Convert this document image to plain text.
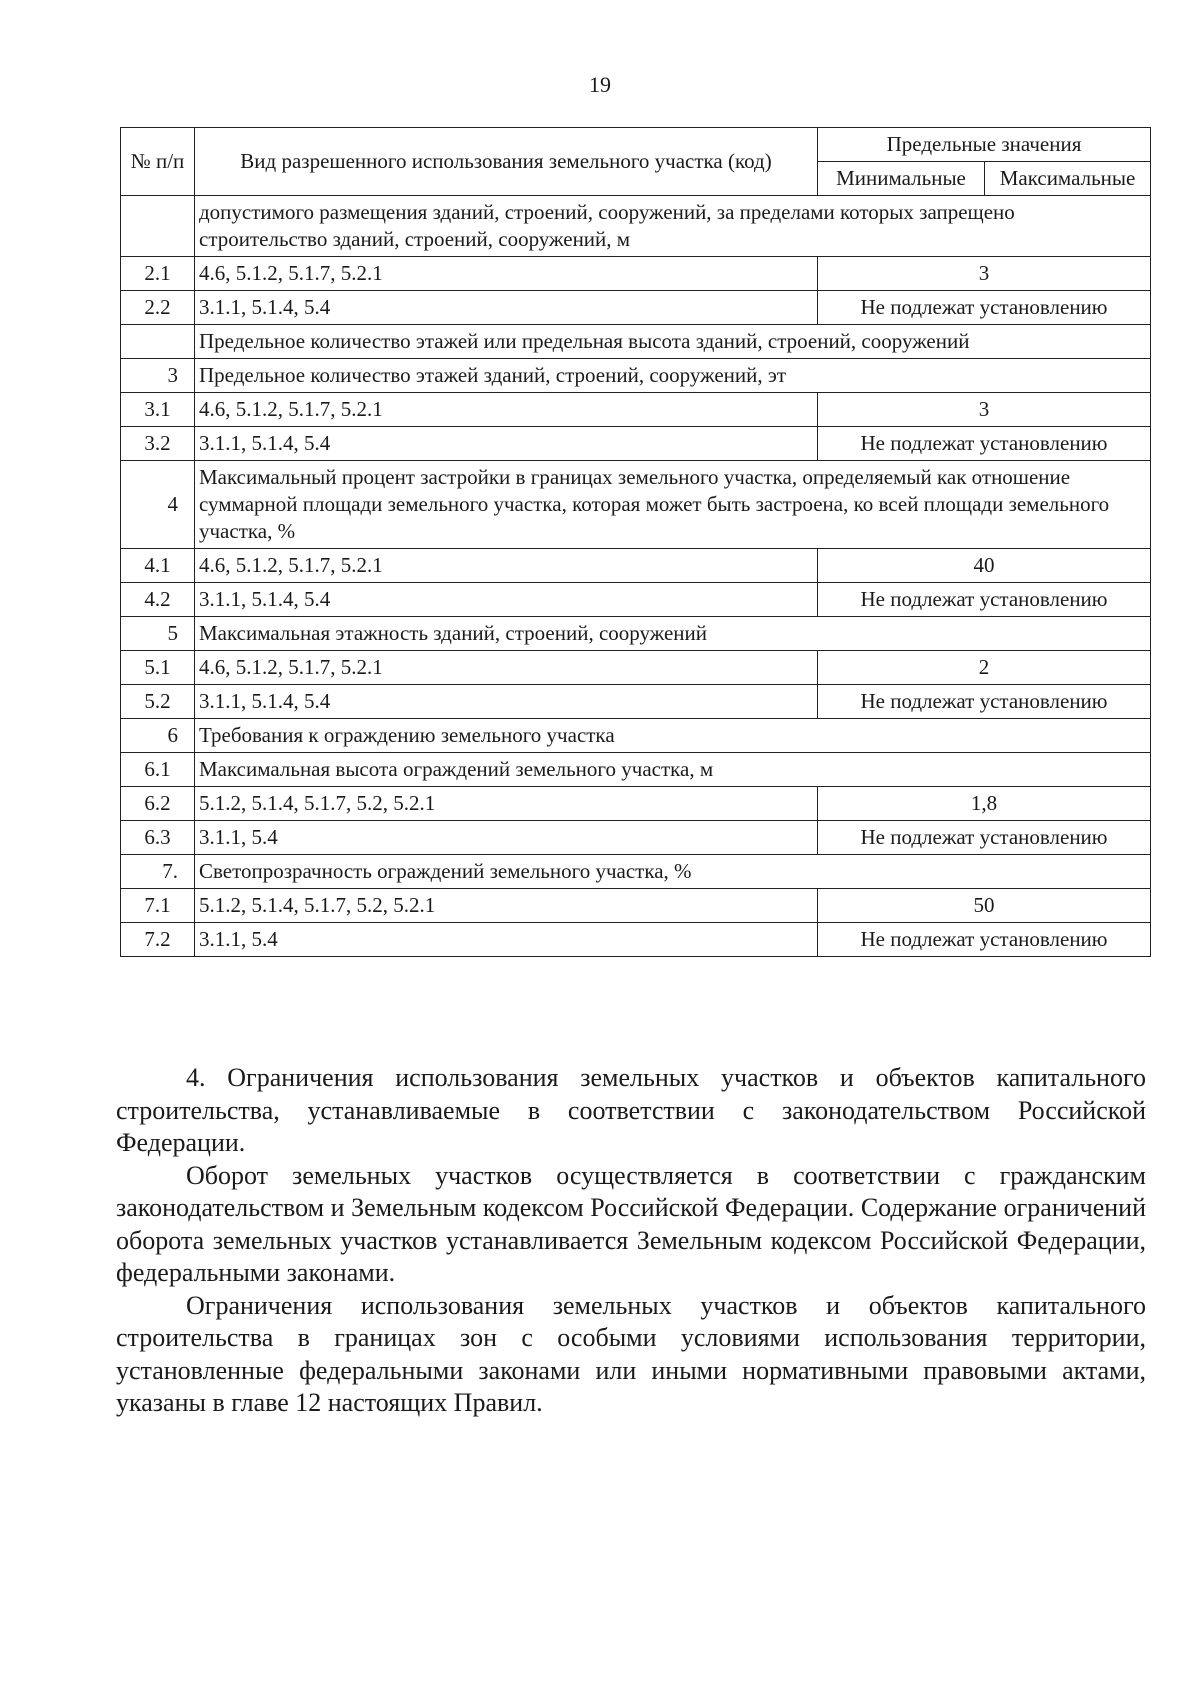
19
№ п/п	Вид разрешенного использования земельного участка (код)	Предельные значения	
		Минимальные	Максимальные
	допустимого размещения зданий, строений, сооружений, за пределами которых запрещено строительство зданий, строений, сооружений, м		
2.1	4.6, 5.1.2, 5.1.7, 5.2.1	3	
2.2	3.1.1, 5.1.4, 5.4	Не подлежат установлению	
	Предельное количество этажей или предельная высота зданий, строений, сооружений		
3	Предельное количество этажей зданий, строений, сооружений, эт		
3.1	4.6, 5.1.2, 5.1.7, 5.2.1	3	
3.2	3.1.1, 5.1.4, 5.4	Не подлежат установлению	
4	Максимальный процент застройки в границах земельного участка, определяемый как отношение суммарной площади земельного участка, которая может быть застроена, ко всей площади земельного участка, %		
4.1	4.6, 5.1.2, 5.1.7, 5.2.1	40	
4.2	3.1.1, 5.1.4, 5.4	Не подлежат установлению	
5	Максимальная этажность зданий, строений, сооружений		
5.1	4.6, 5.1.2, 5.1.7, 5.2.1	2	
5.2	3.1.1, 5.1.4, 5.4	Не подлежат установлению	
6	Требования к ограждению земельного участка		
6.1	Максимальная высота ограждений земельного участка, м		
6.2	5.1.2, 5.1.4, 5.1.7, 5.2, 5.2.1	1,8	
6.3	3.1.1, 5.4	Не подлежат установлению	
7.	Светопрозрачность ограждений земельного участка, %		
7.1	5.1.2, 5.1.4, 5.1.7, 5.2, 5.2.1	50	
7.2	3.1.1, 5.4	Не подлежат установлению	

4. Ограничения использования земельных участков и объектов капитального строительства, устанавливаемые в соответствии с законодательством Российской Федерации.

Оборот земельных участков осуществляется в соответствии с гражданским законодательством и Земельным кодексом Российской Федерации. Содержание ограничений оборота земельных участков устанавливается Земельным кодексом Российской Федерации, федеральными законами.

Ограничения использования земельных участков и объектов капитального строительства в границах зон с особыми условиями использования территории, установленные федеральными законами или иными нормативными правовыми актами, указаны в главе 12 настоящих Правил.
